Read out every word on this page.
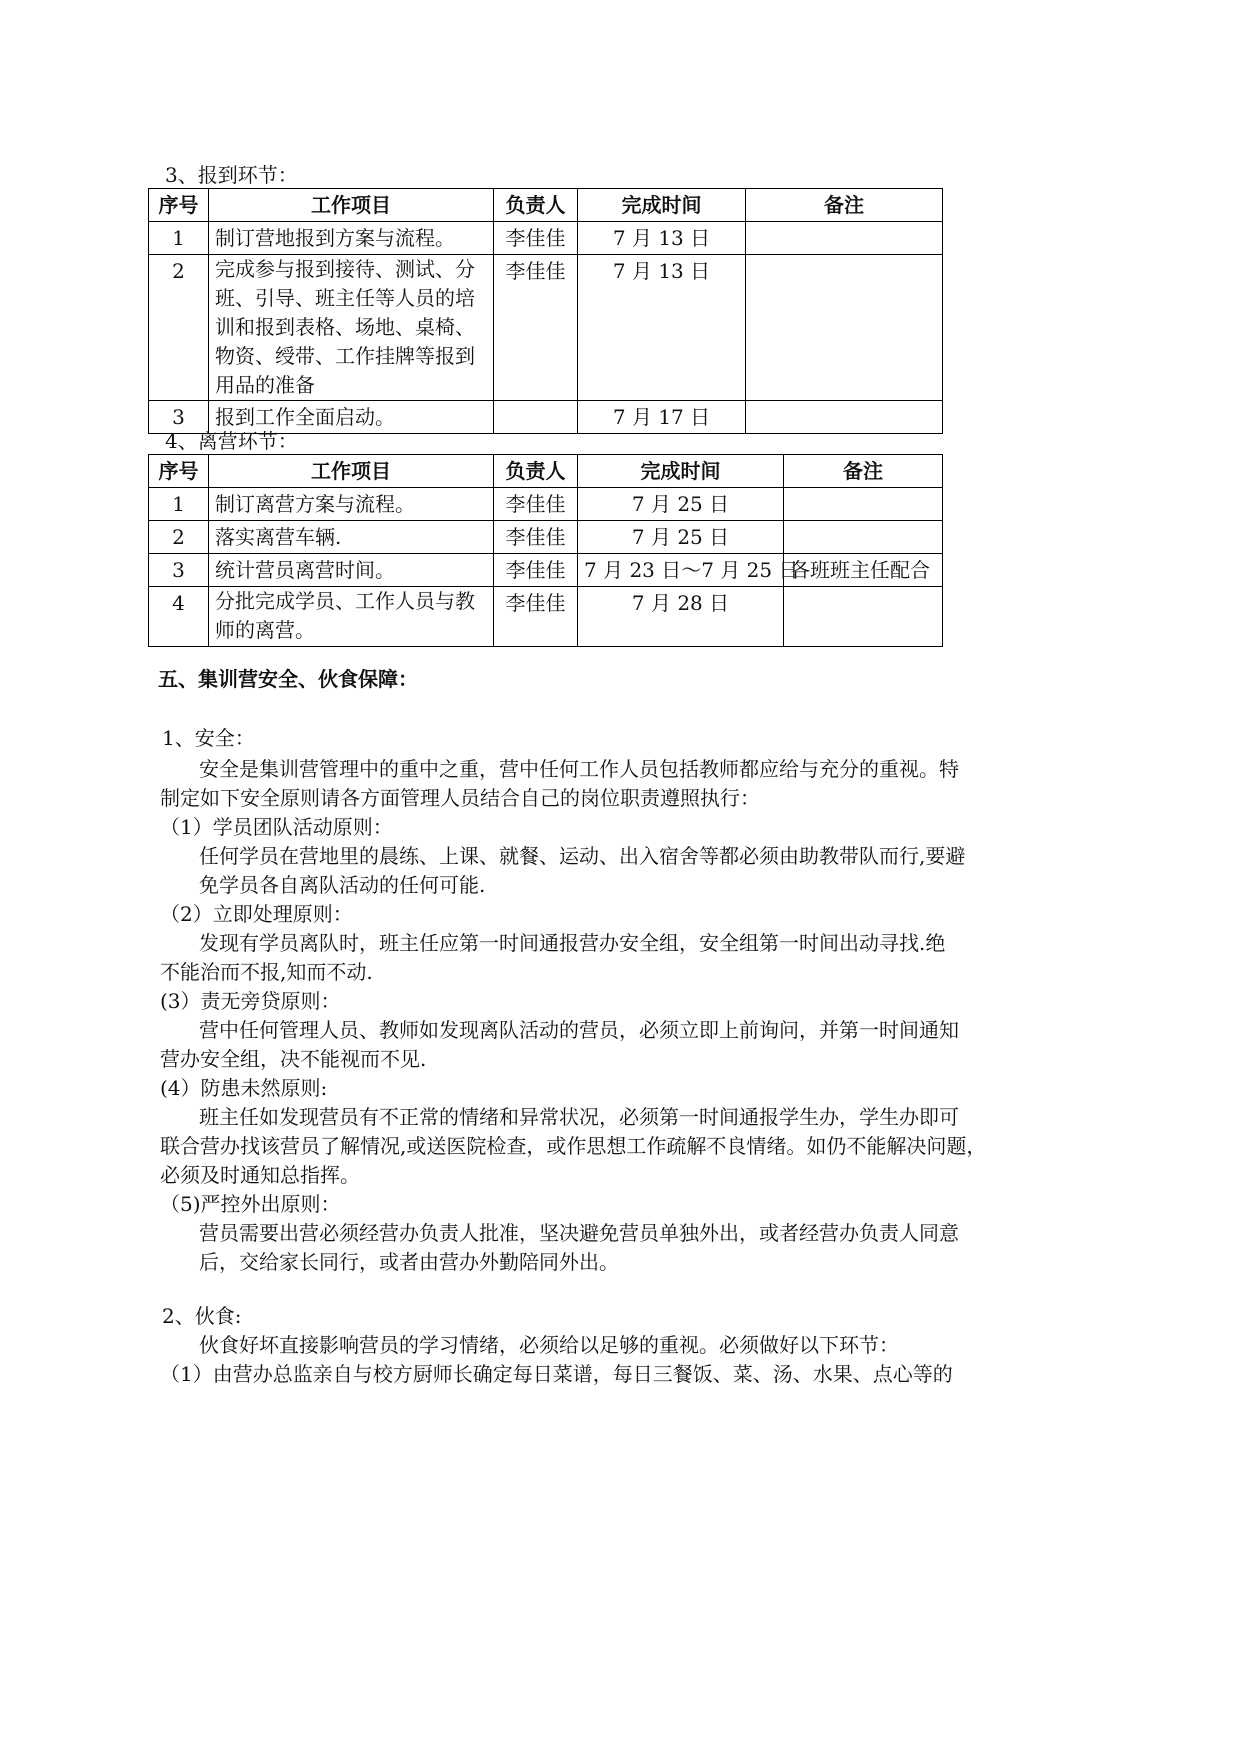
3、报到环节：
序号	工作项目	负责人	完成时间	备注
1	制订营地报到方案与流程。	李佳佳	7 月 13 日	
2	完成参与报到接待、测试、分班、引导、班主任等人员的培训和报到表格、场地、桌椅、物资、绶带、工作挂牌等报到用品的准备	李佳佳	7 月 13 日	
3	报到工作全面启动。		7 月 17 日	
4、离营环节：
序号	工作项目	负责人	完成时间	备注
1	制订离营方案与流程。	李佳佳	7 月 25 日	
2	落实离营车辆.	李佳佳	7 月 25 日	
3	统计营员离营时间。	李佳佳	7 月 23 日～7 月 25 日	各班班主任配合
4	分批完成学员、工作人员与教师的离营。	李佳佳	7 月 28 日	
五、集训营安全、伙食保障：
1、安全：
安全是集训营管理中的重中之重，营中任何工作人员包括教师都应给与充分的重视。特
制定如下安全原则请各方面管理人员结合自己的岗位职责遵照执行：
（1）学员团队活动原则：
任何学员在营地里的晨练、上课、就餐、运动、出入宿舍等都必须由助教带队而行,要避
免学员各自离队活动的任何可能.
（2）立即处理原则：
发现有学员离队时，班主任应第一时间通报营办安全组，安全组第一时间出动寻找.绝
不能治而不报,知而不动.
(3）责无旁贷原则：
营中任何管理人员、教师如发现离队活动的营员，必须立即上前询问，并第一时间通知
营办安全组，决不能视而不见.
(4）防患未然原则:
班主任如发现营员有不正常的情绪和异常状况，必须第一时间通报学生办，学生办即可
联合营办找该营员了解情况,或送医院检查，或作思想工作疏解不良情绪。如仍不能解决问题，
必须及时通知总指挥。
（5)严控外出原则：
营员需要出营必须经营办负责人批准，坚决避免营员单独外出，或者经营办负责人同意
后，交给家长同行，或者由营办外勤陪同外出。
2、伙食:
伙食好坏直接影响营员的学习情绪，必须给以足够的重视。必须做好以下环节：
（1）由营办总监亲自与校方厨师长确定每日菜谱，每日三餐饭、菜、汤、水果、点心等的
